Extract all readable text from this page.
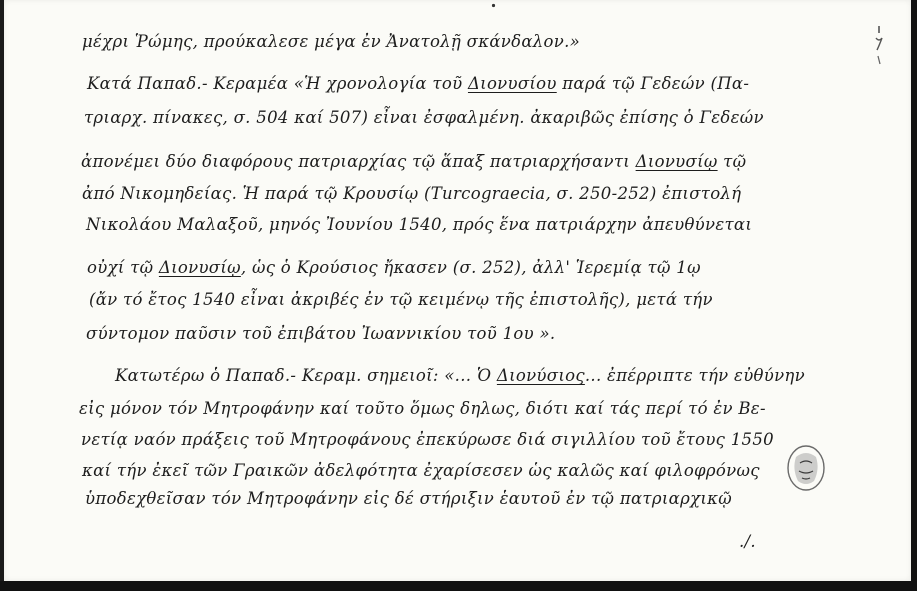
μέχρι Ῥώμης, προύκαλεσε μέγα ἐν Ἀνατολῇ σκάνδαλον.»
Κατά Παπαδ.- Κεραμέα «Ἡ χρονολογία τοῦ Διονυσίου παρά τῷ Γεδεών (Πα-
τριαρχ. πίνακες, σ. 504 καί 507) εἶναι ἐσφαλμένη. ἀκαριβῶς ἐπίσης ὁ Γεδεών
ἀπονέμει δύο διαφόρους πατριαρχίας τῷ ἅπαξ πατριαρχήσαντι Διονυσίῳ τῷ
ἀπό Νικομηδείας. Ἡ παρά τῷ Κρουσίῳ (Turcograecia, σ. 250-252) ἐπιστολή
Νικολάου Μαλαξοῦ, μηνός Ἰουνίου 1540, πρός ἕνα πατριάρχην ἀπευθύνεται
οὐχί τῷ Διονυσίῳ, ὡς ὁ Κρούσιος ἤκασεν (σ. 252), ἀλλ' Ἱερεμίᾳ τῷ 1ῳ
(ἄν τό ἔτος 1540 εἶναι ἀκριβές ἐν τῷ κειμένῳ τῆς ἐπιστολῆς), μετά τήν
σύντομον παῦσιν τοῦ ἐπιβάτου Ἰωαννικίου τοῦ 1ου ».
Κατωτέρω ὁ Παπαδ.- Κεραμ. σημειοῖ: «... Ὁ Διονύσιος... ἐπέρριπτε τήν εὐθύνην
εἰς μόνον τόν Μητροφάνην καί τοῦτο ὅμως δηλως, διότι καί τάς περί τό ἐν Βε-
νετίᾳ ναόν πράξεις τοῦ Μητροφάνους ἐπεκύρωσε διά σιγιλλίου τοῦ ἔτους 1550
καί τήν ἐκεῖ τῶν Γραικῶν ἀδελφότητα ἐχαρίσεσεν ὡς καλῶς καί φιλοφρόνως
ὑποδεχθεῖσαν τόν Μητροφάνην εἰς δέ στήριξιν ἑαυτοῦ ἐν τῷ πατριαρχικῷ
./.
